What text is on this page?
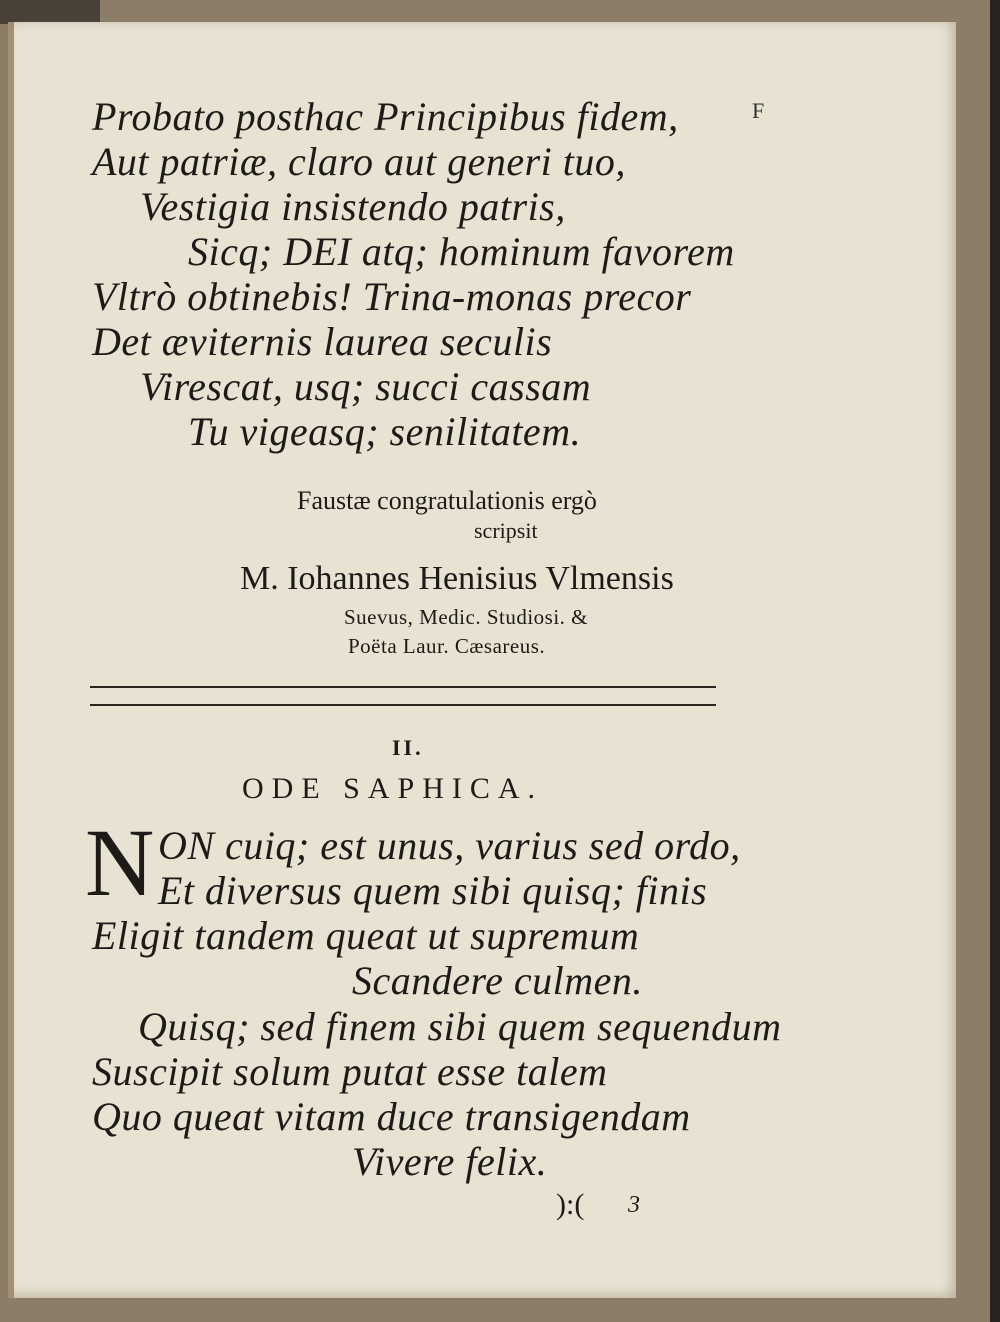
Probato posthac Principibus fidem,
Aut patriæ, claro aut generi tuo,
Vestigia insistendo patris,
Sicq; DEI atq; hominum favorem
Vltrò obtinebis! Trina-monas precor
Det æviternis laurea seculis
Virescat, usq; succi cassam
Tu vigeasq; senilitatem.
F
Faustæ congratulationis ergò
scripsit
M. Iohannes Henisius Vlmensis
Suevus, Medic. Studiosi. &
Poëta Laur. Cæsareus.
II.
ODE SAPHICA.
N ON cuiq; est unus, varius sed ordo,
Et diversus quem sibi quisq; finis
Eligit tandem queat ut supremum
Scandere culmen.
Quisq; sed finem sibi quem sequendum
Suscipit solum putat esse talem
Quo queat vitam duce transigendam
Vivere felix.
):( 3
